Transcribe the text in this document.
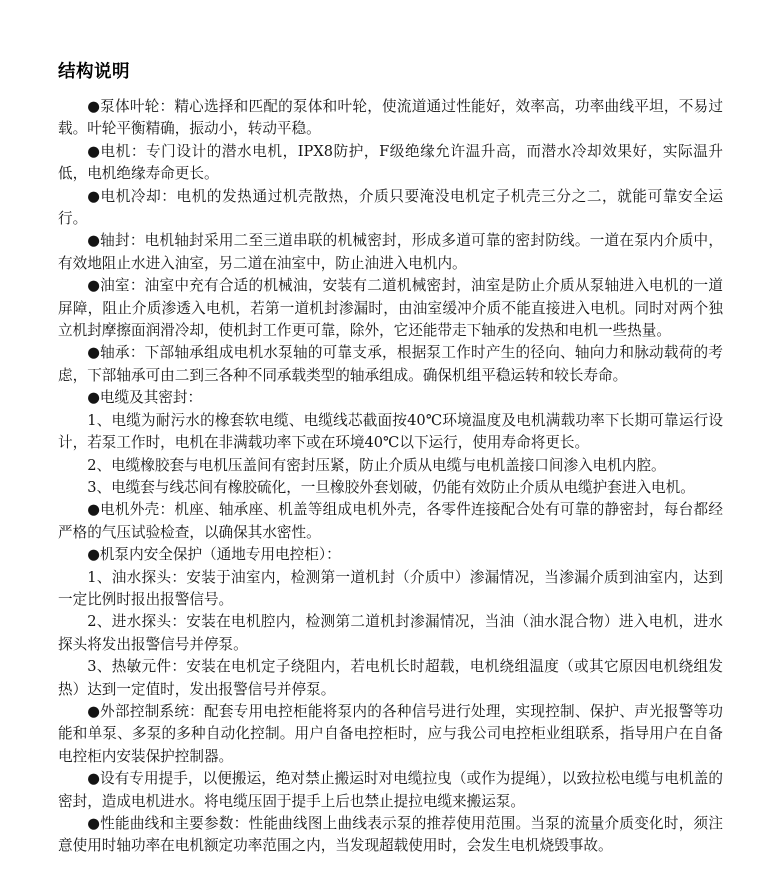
结构说明

●泵体叶轮：精心选择和匹配的泵体和叶轮，使流道通过性能好，效率高，功率曲线平坦，不易过载。叶轮平衡精确，振动小，转动平稳。

●电机：专门设计的潜水电机，IPX8防护，F级绝缘允许温升高，而潜水冷却效果好，实际温升低，电机绝缘寿命更长。

●电机冷却：电机的发热通过机壳散热，介质只要淹没电机定子机壳三分之二，就能可靠安全运行。

●轴封：电机轴封采用二至三道串联的机械密封，形成多道可靠的密封防线。一道在泵内介质中，有效地阻止水进入油室，另二道在油室中，防止油进入电机内。

●油室：油室中充有合适的机械油，安装有二道机械密封，油室是防止介质从泵轴进入电机的一道屏障，阻止介质渗透入电机，若第一道机封渗漏时，由油室缓冲介质不能直接进入电机。同时对两个独立机封摩擦面润滑冷却，使机封工作更可靠，除外，它还能带走下轴承的发热和电机一些热量。

●轴承：下部轴承组成电机水泵轴的可靠支承，根据泵工作时产生的径向、轴向力和脉动载荷的考虑，下部轴承可由二到三各种不同承载类型的轴承组成。确保机组平稳运转和较长寿命。

●电缆及其密封：

1、电缆为耐污水的橡套软电缆、电缆线芯截面按40℃环境温度及电机满载功率下长期可靠运行设计，若泵工作时，电机在非满载功率下或在环境40℃以下运行，使用寿命将更长。

2、电缆橡胶套与电机压盖间有密封压紧，防止介质从电缆与电机盖接口间渗入电机内腔。

3、电缆套与线芯间有橡胶硫化，一旦橡胶外套划破，仍能有效防止介质从电缆护套进入电机。

●电机外壳：机座、轴承座、机盖等组成电机外壳，各零件连接配合处有可靠的静密封，每台都经严格的气压试验检查，以确保其水密性。

●机泵内安全保护（通地专用电控柜）：

1、油水探头：安装于油室内，检测第一道机封（介质中）渗漏情况，当渗漏介质到油室内，达到一定比例时报出报警信号。

2、进水探头：安装在电机腔内，检测第二道机封渗漏情况，当油（油水混合物）进入电机，进水探头将发出报警信号并停泵。

3、热敏元件：安装在电机定子绕阻内，若电机长时超载，电机绕组温度（或其它原因电机绕组发热）达到一定值时，发出报警信号并停泵。

●外部控制系统：配套专用电控柜能将泵内的各种信号进行处理，实现控制、保护、声光报警等功能和单泵、多泵的多种自动化控制。用户自备电控柜时，应与我公司电控柜业组联系，指导用户在自备电控柜内安装保护控制器。

●设有专用提手，以便搬运，绝对禁止搬运时对电缆拉曳（或作为提绳），以致拉松电缆与电机盖的密封，造成电机进水。将电缆压固于提手上后也禁止提拉电缆来搬运泵。

●性能曲线和主要参数：性能曲线图上曲线表示泵的推荐使用范围。当泵的流量介质变化时，须注意使用时轴功率在电机额定功率范围之内，当发现超载使用时，会发生电机烧毁事故。
